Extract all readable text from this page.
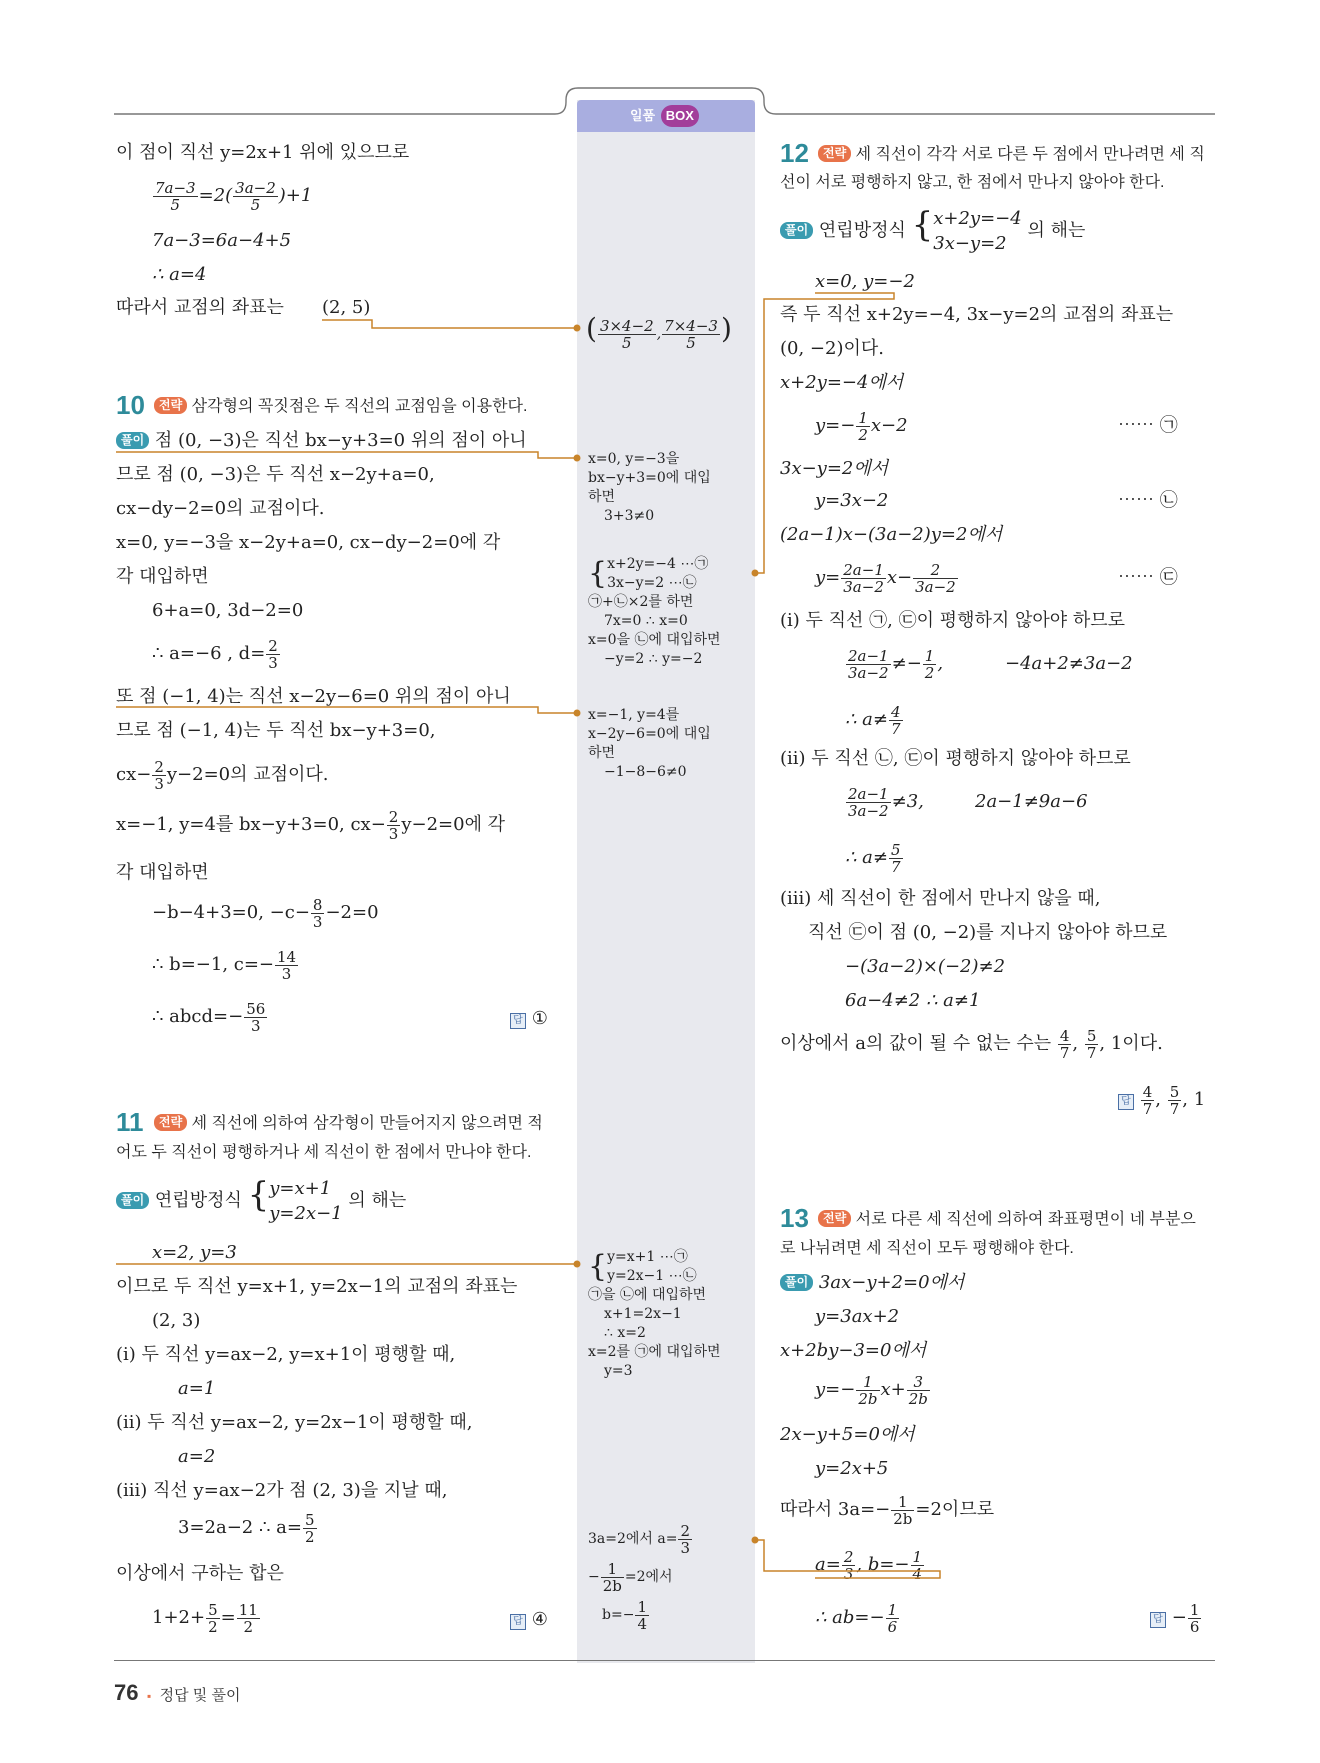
일품 BOX
이 점이 직선 y=2x+1 위에 있으므로
$\frac{7a-3}{5} =2( \frac{3a-2}{5} )+1$
7a−3=6a−4+5
∴ a=4
따라서 교점의 좌표는 (2, 5)
10	전략 삼각형의 꼭짓점은 두 직선의 교점임을 이용한다.
풀이 점 (0, −3)은 직선 bx−y+3=0 위의 점이 아니
므로 점 (0, −3)은 두 직선 x−2y+a=0,
cx−dy−2=0의 교점이다.
x=0, y=−3을 x−2y+a=0, cx−dy−2=0에 각
각 대입하면
6+a=0, 3d−2=0
∴ a=−6 , $d= \frac{2}{3}$
또 점 (−1, 4)는 직선 x−2y−6=0 위의 점이 아니
므로 점 (−1, 4)는 두 직선 bx−y+3=0,
$cx- \frac{2}{3} y-2=0$의 교점이다.
x=−1, y=4를 bx−y+3=0, $cx- \frac{2}{3} y-2=0$에 각
각 대입하면
−b−4+3=0, $-c- \frac{8}{3} -2=0$
∴ b=−1, $c=- \frac{14}{3}$
∴ abcd=− $\frac{56}{3}$	답 ①
11	전략 세 직선에 의하여 삼각형이 만들어지지 않으려면 적
어도 두 직선이 평행하거나 세 직선이 한 점에서 만나야 한다.
풀이 연립방정식 { y=x+1
y=2x−1
의 해는
x=2, y=3
이므로 두 직선 y=x+1, y=2x−1의 교점의 좌표는
(2, 3)
(ⅰ) 두 직선 y=ax−2, y=x+1이 평행할 때,
a=1
(ⅱ) 두 직선 y=ax−2, y=2x−1이 평행할 때,
a=2
(ⅲ) 직선 y=ax−2가 점 (2, 3)을 지날 때,
3=2a−2 ∴ $a= \frac{5}{2}$
이상에서 구하는 합은
$1+2+ \frac{5}{2} = \frac{11}{2}$	답 ④
( $\frac{3\times 4-2}{5}$ , $\frac{7\times 4-3}{5}$ )
x=0, y=−3을
bx−y+3=0에 대입
하면
3+3≠0
{ x+2y=−4 ⋯㉠
3x−y=2 ⋯㉡
㉠+㉡×2를 하면
7x=0 ∴ x=0
x=0을 ㉡에 대입하면
−y=2 ∴ y=−2
x=−1, y=4를
x−2y−6=0에 대입
하면
−1−8−6≠0
{ y=x+1 ⋯㉠
y=2x−1 ⋯㉡
㉠을 ㉡에 대입하면
x+1=2x−1
∴ x=2
x=2를 ㉠에 대입하면
y=3
3a=2에서 $a= \frac{2}{3}$
− $\frac{1}{2b} =2$에서
$b=- \frac{1}{4}$
12	전략 세 직선이 각각 서로 다른 두 점에서 만나려면 세 직
선이 서로 평행하지 않고, 한 점에서 만나지 않아야 한다.
풀이 연립방정식 { x+2y=−4
3x−y=2
의 해는
x=0, y=−2
즉 두 직선 x+2y=−4, 3x−y=2의 교점의 좌표는
(0, −2)이다.
x+2y=−4에서
$y=- \frac{1}{2} x-2$	⋯⋯ ㉠
3x−y=2에서
y=3x−2	⋯⋯ ㉡
(2a−1)x−(3a−2)y=2에서
$y= \frac{2a-1}{3a-2} x- \frac{2}{3a-2}$	⋯⋯ ㉢
(ⅰ) 두 직선 ㉠, ㉢이 평행하지 않아야 하므로
$\frac{2a-1}{3a-2} \ne- \frac{1}{2}$ ,	−4a+2≠3a−2
∴ $a\ne \frac{4}{7}$
(ⅱ) 두 직선 ㉡, ㉢이 평행하지 않아야 하므로
$\frac{2a-1}{3a-2} \ne 3$,	2a−1≠9a−6
∴ $a\ne \frac{5}{7}$
(ⅲ) 세 직선이 한 점에서 만나지 않을 때,
직선 ㉢이 점 (0, −2)를 지나지 않아야 하므로
−(3a−2)×(−2)≠2
6a−4≠2 ∴ a≠1
이상에서 a의 값이 될 수 없는 수는 $\frac{4}{7}$ , $\frac{5}{7}$ , 1이다.
답 $\frac{4}{7}$ , $\frac{5}{7}$ , 1
13	전략 서로 다른 세 직선에 의하여 좌표평면이 네 부분으
로 나뉘려면 세 직선이 모두 평행해야 한다.
풀이 3ax−y+2=0에서
y=3ax+2
x+2by−3=0에서
$y=- \frac{1}{2b} x+ \frac{3}{2b}$
2x−y+5=0에서
y=2x+5
따라서 $3a=- \frac{1}{2b} =2$이므로
$a= \frac{2}{3}$ , $b=- \frac{1}{4}$
∴ $ab=- \frac{1}{6}$	답 − $\frac{1}{6}$
76 ▪ 정답 및 풀이
